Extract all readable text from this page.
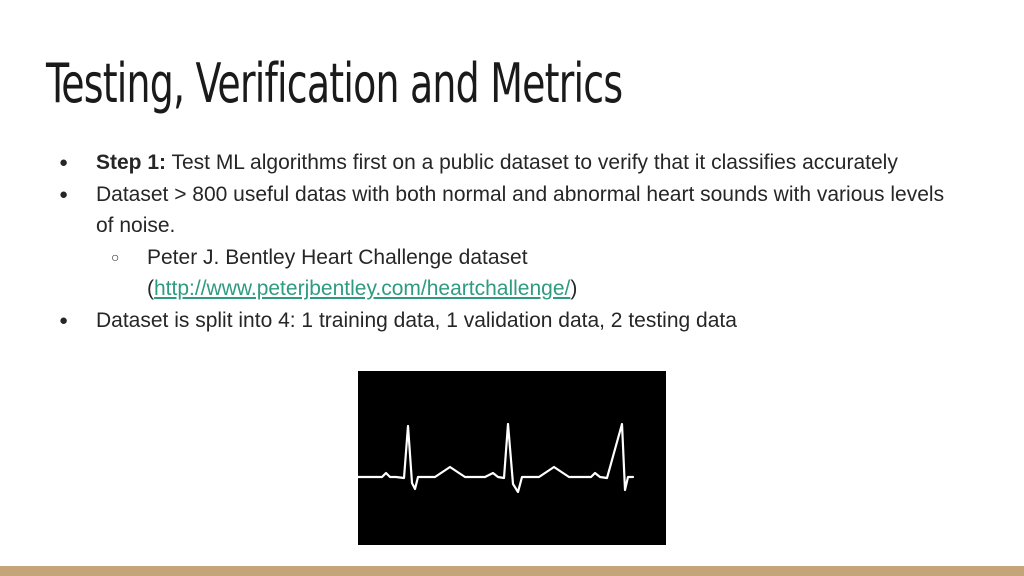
Testing, Verification and Metrics
● Step 1: Test ML algorithms first on a public dataset to verify that it classifies accurately
● Dataset > 800 useful datas with both normal and abnormal heart sounds with various levels of noise.
○ Peter J. Bentley Heart Challenge dataset (http://www.peterjbentley.com/heartchallenge/)
● Dataset is split into 4: 1 training data, 1 validation data, 2 testing data
